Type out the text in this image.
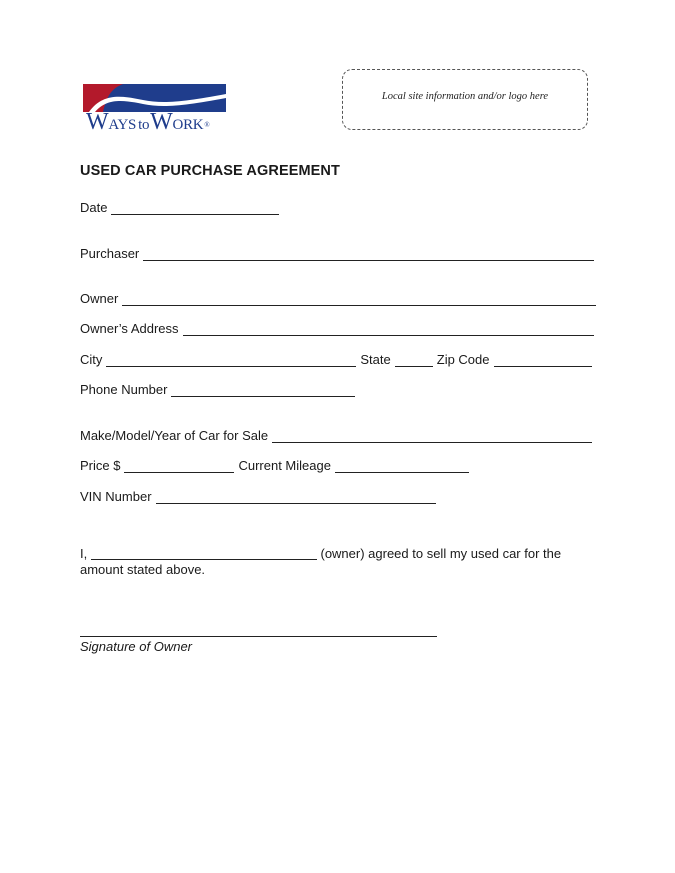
WAYS toWORK®
Local site information and/or logo here
USED CAR PURCHASE AGREEMENT
Date
Purchaser
Owner
Owner’s Address
City	State	Zip Code
Phone Number
Make/Model/Year of Car for Sale
Price $	Current Mileage
VIN Number
I,	(owner) agreed to sell my used car for the
amount stated above.
Signature of Owner
